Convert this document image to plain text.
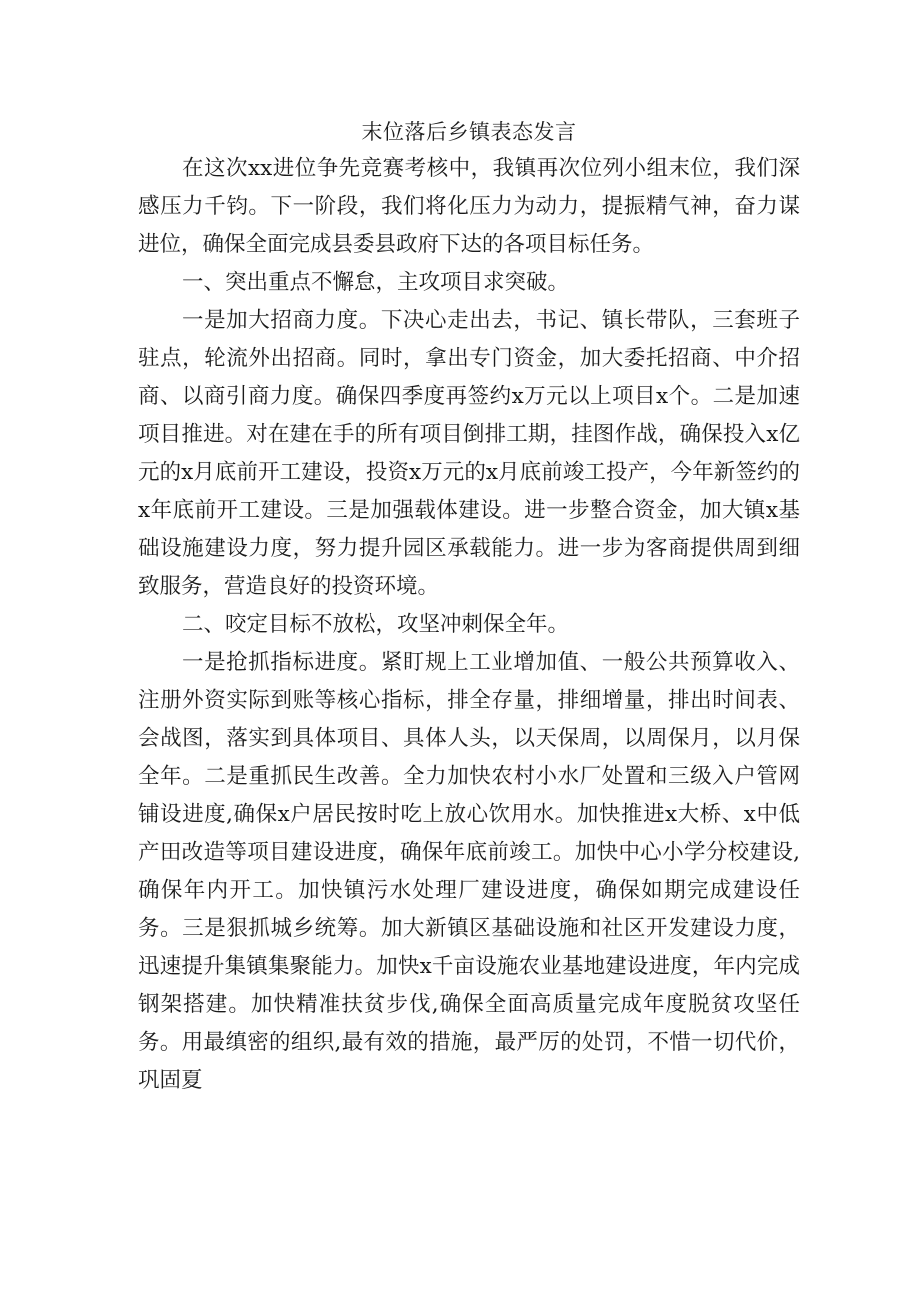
末位落后乡镇表态发言

在这次xx进位争先竞赛考核中，我镇再次位列小组末位，我们深感压力千钧。下一阶段，我们将化压力为动力，提振精气神，奋力谋进位，确保全面完成县委县政府下达的各项目标任务。

一、突出重点不懈怠，主攻项目求突破。

一是加大招商力度。下决心走出去，书记、镇长带队，三套班子驻点，轮流外出招商。同时，拿出专门资金，加大委托招商、中介招商、以商引商力度。确保四季度再签约x万元以上项目x个。二是加速项目推进。对在建在手的所有项目倒排工期，挂图作战，确保投入x亿元的x月底前开工建设，投资x万元的x月底前竣工投产，今年新签约的x年底前开工建设。三是加强载体建设。进一步整合资金，加大镇x基础设施建设力度，努力提升园区承载能力。进一步为客商提供周到细致服务，营造良好的投资环境。

二、咬定目标不放松，攻坚冲刺保全年。

一是抢抓指标进度。紧盯规上工业增加值、一般公共预算收入、注册外资实际到账等核心指标，排全存量，排细增量，排出时间表、会战图，落实到具体项目、具体人头，以天保周，以周保月，以月保全年。二是重抓民生改善。全力加快农村小水厂处置和三级入户管网铺设进度,确保x户居民按时吃上放心饮用水。加快推进x大桥、x中低产田改造等项目建设进度，确保年底前竣工。加快中心小学分校建设,确保年内开工。加快镇污水处理厂建设进度，确保如期完成建设任务。三是狠抓城乡统筹。加大新镇区基础设施和社区开发建设力度，迅速提升集镇集聚能力。加快x千亩设施农业基地建设进度，年内完成钢架搭建。加快精准扶贫步伐,确保全面高质量完成年度脱贫攻坚任务。用最缜密的组织,最有效的措施，最严厉的处罚，不惜一切代价，巩固夏
